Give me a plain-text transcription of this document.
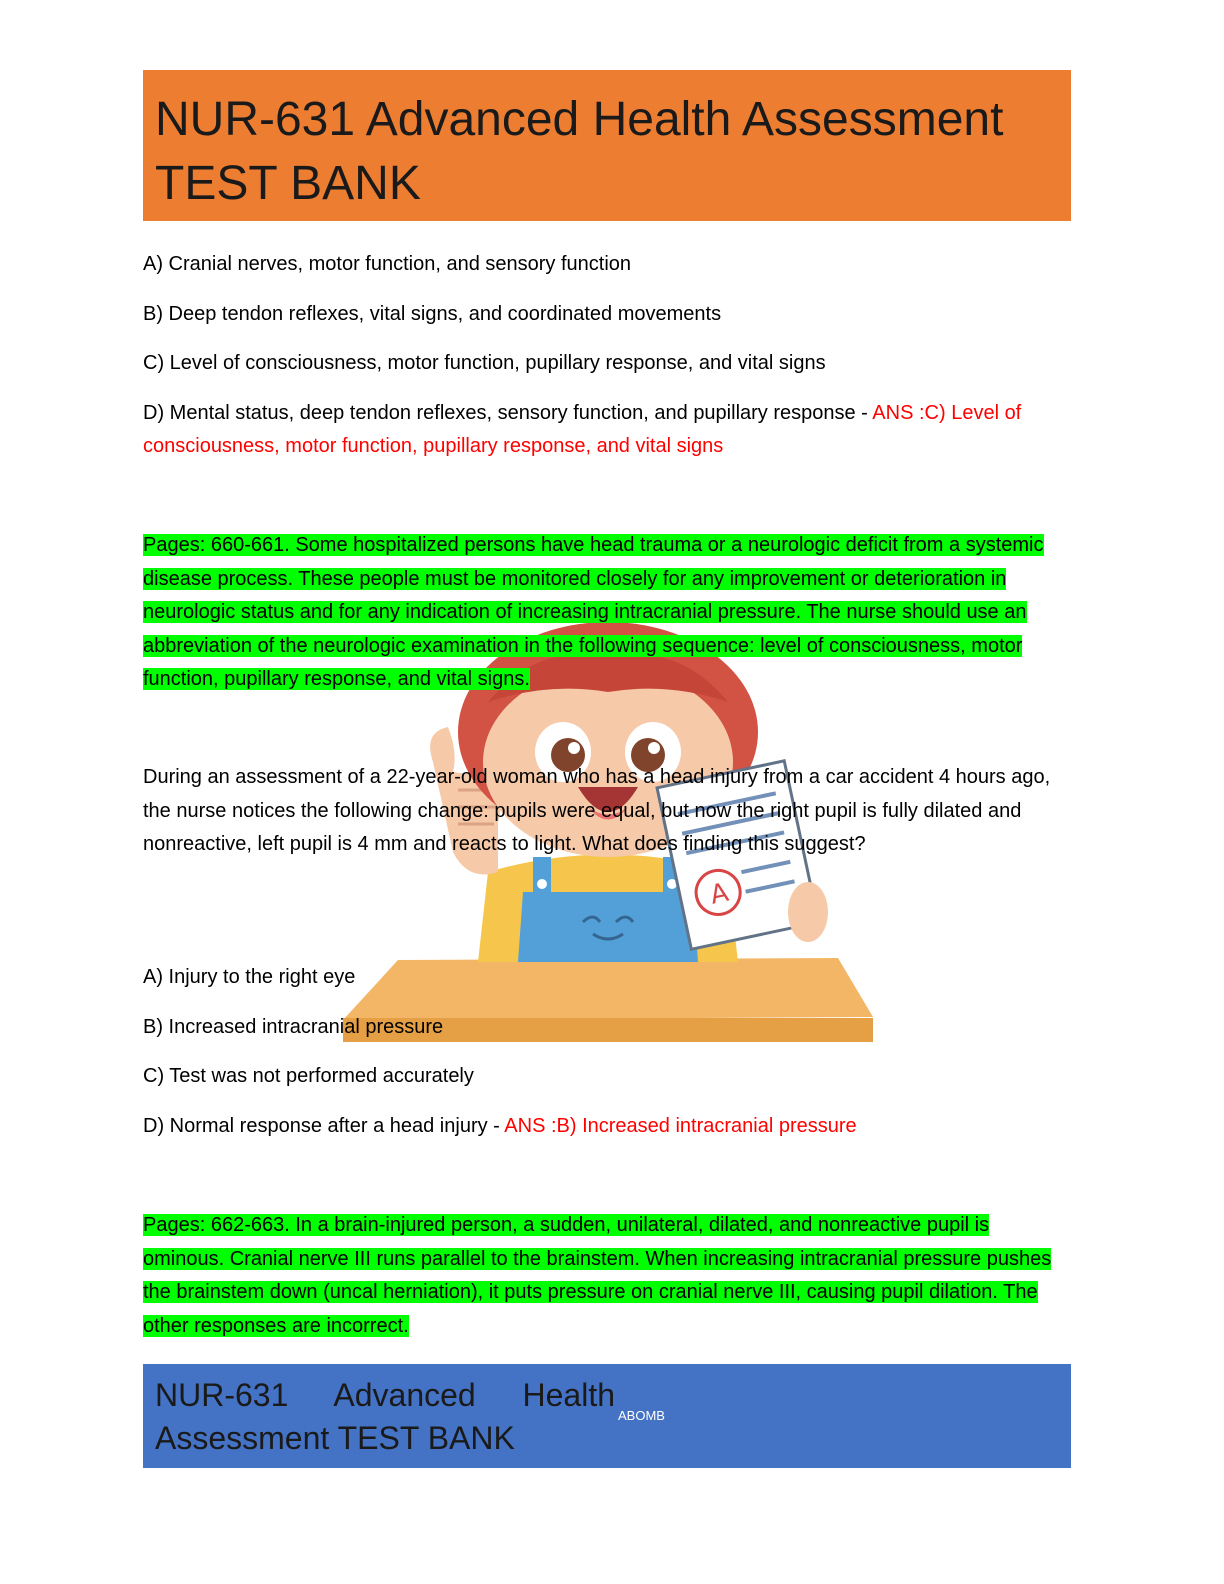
NUR-631 Advanced Health Assessment TEST BANK
A
A) Cranial nerves, motor function, and sensory function
B) Deep tendon reflexes, vital signs, and coordinated movements
C) Level of consciousness, motor function, pupillary response, and vital signs
D) Mental status, deep tendon reflexes, sensory function, and pupillary response - ANS :C) Level of consciousness, motor function, pupillary response, and vital signs
Pages: 660-661. Some hospitalized persons have head trauma or a neurologic deficit from a systemic disease process. These people must be monitored closely for any improvement or deterioration in neurologic status and for any indication of increasing intracranial pressure. The nurse should use an abbreviation of the neurologic examination in the following sequence: level of consciousness, motor function, pupillary response, and vital signs.
During an assessment of a 22-year-old woman who has a head injury from a car accident 4 hours ago, the nurse notices the following change: pupils were equal, but now the right pupil is fully dilated and nonreactive, left pupil is 4 mm and reacts to light. What does finding this suggest?
A) Injury to the right eye
B) Increased intracranial pressure
C) Test was not performed accurately
D) Normal response after a head injury - ANS :B) Increased intracranial pressure
Pages: 662-663. In a brain-injured person, a sudden, unilateral, dilated, and nonreactive pupil is ominous. Cranial nerve III runs parallel to the brainstem. When increasing intracranial pressure pushes the brainstem down (uncal herniation), it puts pressure on cranial nerve III, causing pupil dilation. The other responses are incorrect.
NUR-631 Advanced Health Assessment TEST BANK
ABOMB
